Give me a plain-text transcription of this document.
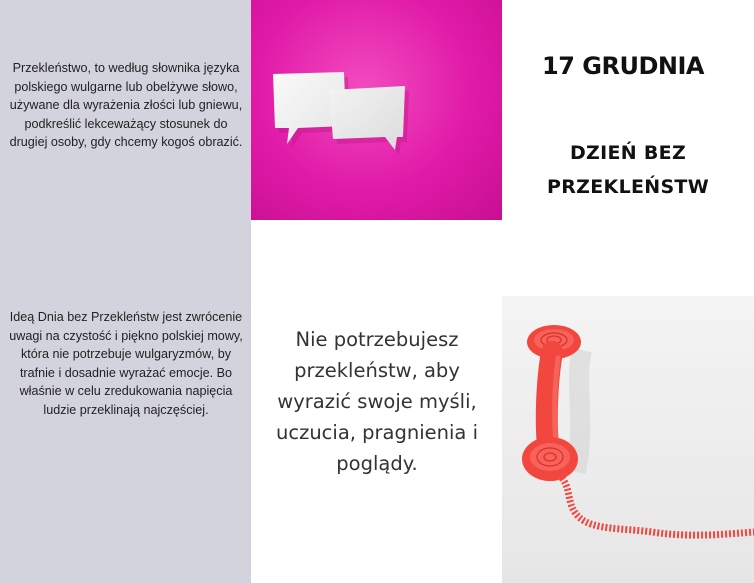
Przekleństwo, to według słownika języka polskiego wulgarne lub obelżywe słowo, używane dla wyrażenia złości lub gniewu, podkreślić lekceważący stosunek do drugiej osoby, gdy chcemy kogoś obrazić.
Ideą Dnia bez Przekleństw jest zwrócenie uwagi na czystość i piękno polskiej mowy, która nie potrzebuje wulgaryzmów, by trafnie i dosadnie wyrażać emocje. Bo właśnie w celu zredukowania napięcia ludzie przeklinają najczęściej.
17 GRUDNIA
DZIEŃ BEZ
PRZEKLEŃSTW
Nie potrzebujesz przekleństw, aby wyrazić swoje myśli, uczucia, pragnienia i poglądy.
